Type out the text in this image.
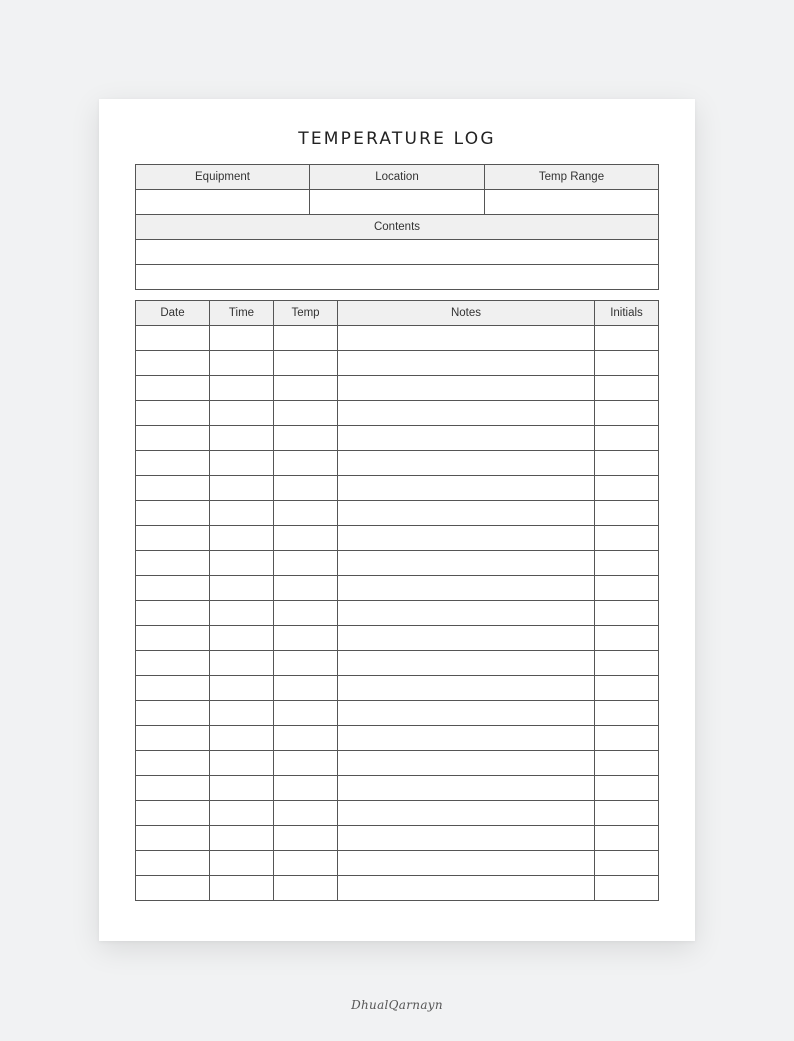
TEMPERATURE LOG
Equipment	Location	Temp Range

Contents		

Date	Time	Temp	Notes	Initials

DhualQarnayn
